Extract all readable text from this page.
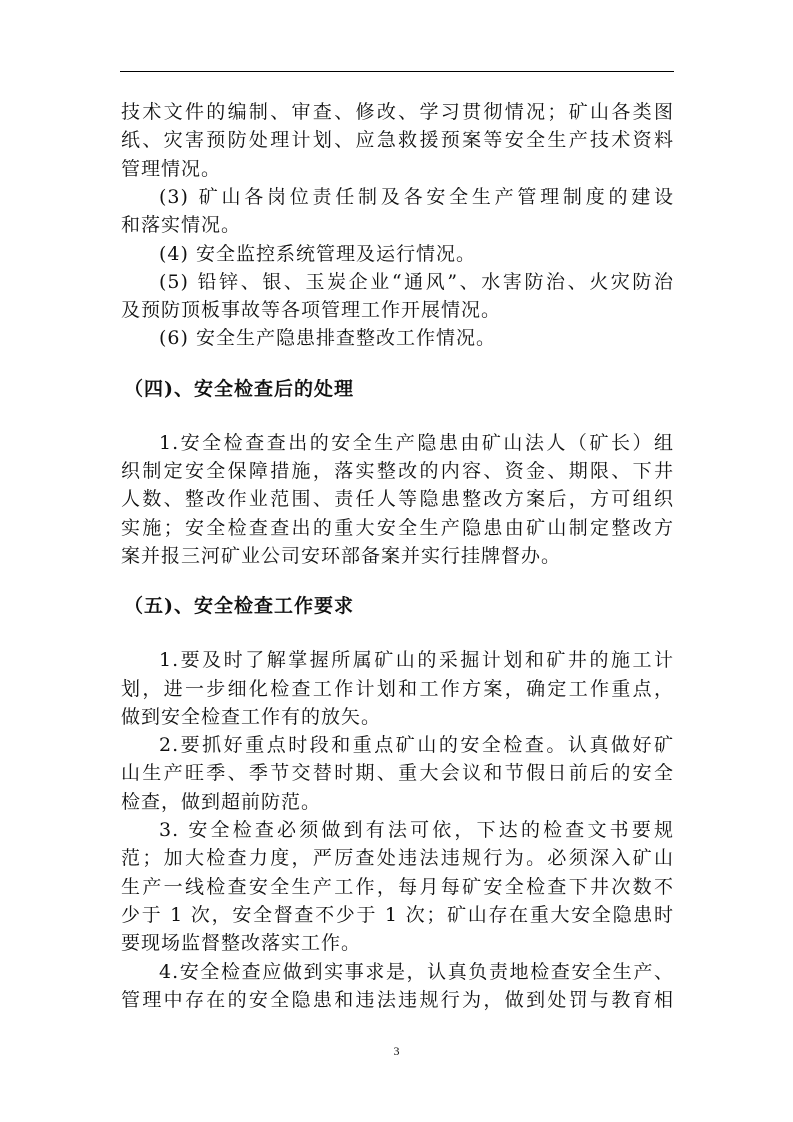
技术文件的编制、审查、修改、学习贯彻情况；矿山各类图
纸、灾害预防处理计划、应急救援预案等安全生产技术资料
管理情况。
(3) 矿山各岗位责任制及各安全生产管理制度的建设
和落实情况。
(4) 安全监控系统管理及运行情况。
(5) 铅锌、银、玉炭企业“通风”、水害防治、火灾防治
及预防顶板事故等各项管理工作开展情况。
(6) 安全生产隐患排查整改工作情况。
（四)、安全检查后的处理
1.安全检查查出的安全生产隐患由矿山法人（矿长）组
织制定安全保障措施，落实整改的内容、资金、期限、下井
人数、整改作业范围、责任人等隐患整改方案后，方可组织
实施；安全检查查出的重大安全生产隐患由矿山制定整改方
案并报三河矿业公司安环部备案并实行挂牌督办。
（五)、安全检查工作要求
1.要及时了解掌握所属矿山的采掘计划和矿井的施工计
划，进一步细化检查工作计划和工作方案，确定工作重点，
做到安全检查工作有的放矢。
2.要抓好重点时段和重点矿山的安全检查。认真做好矿
山生产旺季、季节交替时期、重大会议和节假日前后的安全
检查，做到超前防范。
3. 安全检查必须做到有法可依，下达的检查文书要规
范；加大检查力度，严厉查处违法违规行为。必须深入矿山
生产一线检查安全生产工作，每月每矿安全检查下井次数不
少于 1 次，安全督查不少于 1 次；矿山存在重大安全隐患时
要现场监督整改落实工作。
4.安全检查应做到实事求是，认真负责地检查安全生产、
管理中存在的安全隐患和违法违规行为，做到处罚与教育相
3
